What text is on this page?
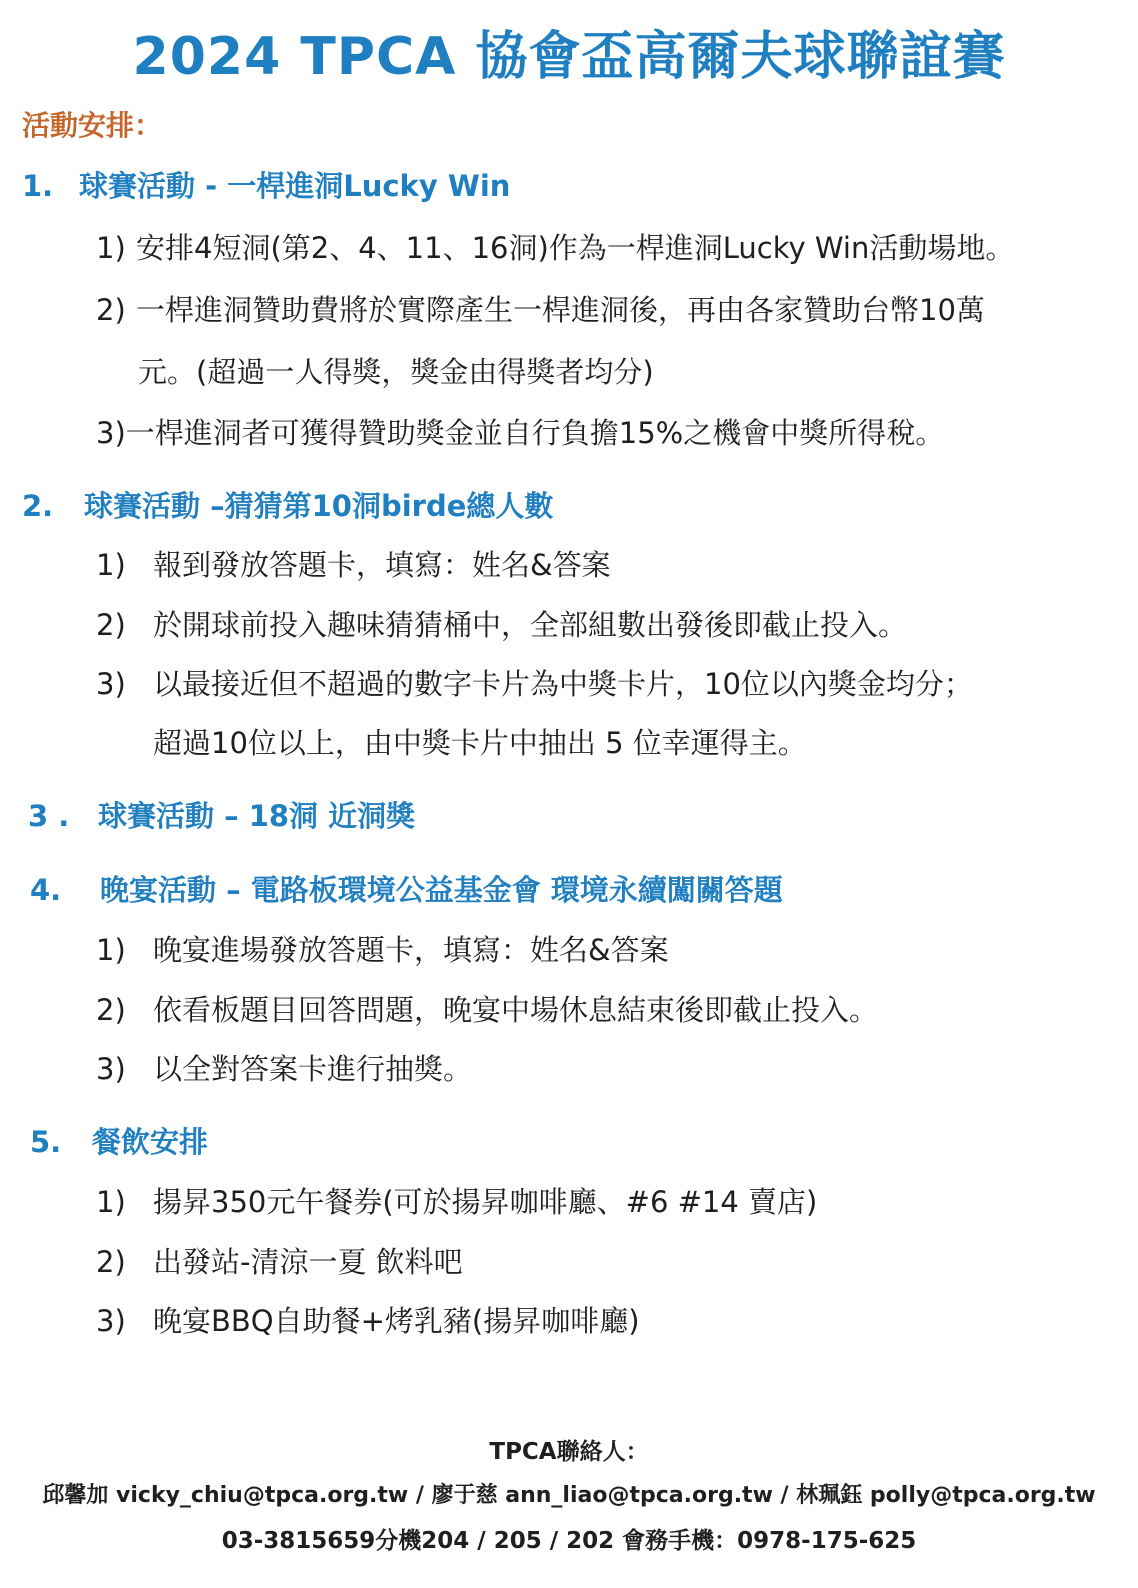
2024 TPCA 協會盃高爾夫球聯誼賽
活動安排：
1. 球賽活動 - 一桿進洞Lucky Win
1) 安排4短洞(第2、4、11、16洞)作為一桿進洞Lucky Win活動場地。
2) 一桿進洞贊助費將於實際產生一桿進洞後，再由各家贊助台幣10萬
元。(超過一人得獎，獎金由得獎者均分)
3)一桿進洞者可獲得贊助獎金並自行負擔15%之機會中獎所得稅。
2. 球賽活動 –猜猜第10洞birde總人數
1) 報到發放答題卡，填寫：姓名&答案
2) 於開球前投入趣味猜猜桶中，全部組數出發後即截止投入。
3) 以最接近但不超過的數字卡片為中獎卡片，10位以內獎金均分；
超過10位以上，由中獎卡片中抽出 5 位幸運得主。
3 . 球賽活動 – 18洞 近洞獎
4. 晚宴活動 – 電路板環境公益基金會 環境永續闖關答題
1) 晚宴進場發放答題卡，填寫：姓名&答案
2) 依看板題目回答問題，晚宴中場休息結束後即截止投入。
3) 以全對答案卡進行抽獎。
5. 餐飲安排
1) 揚昇350元午餐券(可於揚昇咖啡廳、#6 #14 賣店)
2) 出發站-清涼一夏 飲料吧
3) 晚宴BBQ自助餐+烤乳豬(揚昇咖啡廳)
TPCA聯絡人：
邱馨加 vicky_chiu@tpca.org.tw / 廖于慈 ann_liao@tpca.org.tw / 林珮鈺 polly@tpca.org.tw
03-3815659分機204 / 205 / 202 會務手機：0978-175-625
